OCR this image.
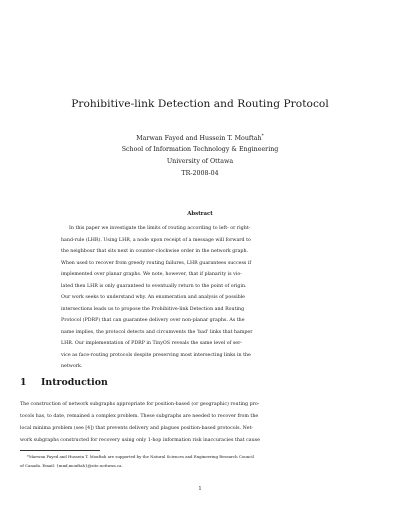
Prohibitive-link Detection and Routing Protocol
Marwan Fayed and Hussein T. Mouftah*
School of Information Technology & Engineering
University of Ottawa
TR-2008-04
Abstract
In this paper we investigate the limits of routing according to left- or right-
hand-rule (LHR). Using LHR, a node upon receipt of a message will forward to
the neighbour that sits next in counter-clockwise order in the network graph.
When used to recover from greedy routing failures, LHR guarantees success if
implemented over planar graphs. We note, however, that if planarity is vio-
lated then LHR is only guaranteed to eventually return to the point of origin.
Our work seeks to understand why. An enumeration and analysis of possible
intersections leads us to propose the Prohibitive-link Detection and Routing
Protocol (PDRP) that can guarantee delivery over non-planar graphs. As the
name implies, the protocol detects and circumvents the 'bad' links that hamper
LHR. Our implementation of PDRP in TinyOS reveals the same level of ser-
vice as face-routing protocols despite preserving most intersecting links in the
network.
1 Introduction
The construction of network subgraphs appropriate for position-based (or geographic) routing pro-
tocols has, to date, remained a complex problem. These subgraphs are needed to recover from the
local minima problem (see [4]) that prevents delivery and plagues position-based protocols. Net-
work subgraphs constructed for recovery using only 1-hop information risk inaccuracies that cause
*Marwan Fayed and Hussein T. Mouftah are supported by the Natural Sciences and Engineering Research Council
of Canada. Email: {mmf,mouftah}@site.uottawa.ca.
1
